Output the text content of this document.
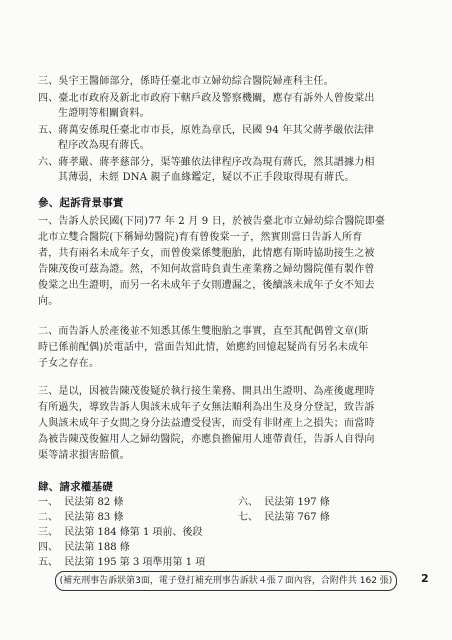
三、吳宇王醫師部分，係時任臺北市立婦幼綜合醫院婦產科主任。
四、臺北市政府及新北市政府下轄戶政及警察機關，應存有訴外人曾俊棠出
生證明等相關資料。
五、蔣萬安係現任臺北市市長，原姓為章氏，民國 94 年其父蔣孝嚴依法律
程序改為現有蔣氏。
六、蔣孝嚴、蔣孝慈部分，渠等雖依法律程序改為現有蔣氏，然其譜據力相
其薄弱，未經 DNA 親子血緣鑑定，疑以不正手段取得現有蔣氏。
參、起訴背景事實
一、告訴人於民國(下同)77 年 2 月 9 日，於被告臺北市立婦幼綜合醫院即臺
北市立雙合醫院(下稱婦幼醫院)育有曾俊棠一子，然實則當日告訴人所育
者，共有兩名未成年子女，而曾俊棠係雙胞胎，此情應有斯時協助接生之被
告陳茂俊可茲為證。然，不知何故當時負責生產業務之婦幼醫院僅有製作曾
俊棠之出生證明，而另一名未成年子女則遭漏之，後續該未成年子女不知去
向。
二、而告訴人於產後並不知悉其係生雙胞胎之事實，直至其配偶曾文章(斯
時已係前配偶)於電話中，當面告知此情，始應約回憶起疑尚有另名未成年
子女之存在。
三、是以，因被告陳茂俊疑於執行接生業務、開具出生證明、為產後處理時
有所過失，導致告訴人與該未成年子女無法順利為出生及身分登記，致告訴
人與該未成年子女間之身分法益遭受侵害，而受有非財產上之損失；而當時
為被告陳茂俊僱用人之婦幼醫院，亦應負擔僱用人連帶責任，告訴人自得向
渠等請求損害賠償。
肆、請求權基礎
一、 民法第 82 條
二、 民法第 83 條
三、 民法第 184 條第 1 項前、後段
四、 民法第 188 條
五、 民法第 195 第 3 項準用第 1 項
六、 民法第 197 條
七、 民法第 767 條
(補充刑事告訴狀第3面，電子登打補充刑事告訴狀４張７面內容，合附件共 162 張)	2
